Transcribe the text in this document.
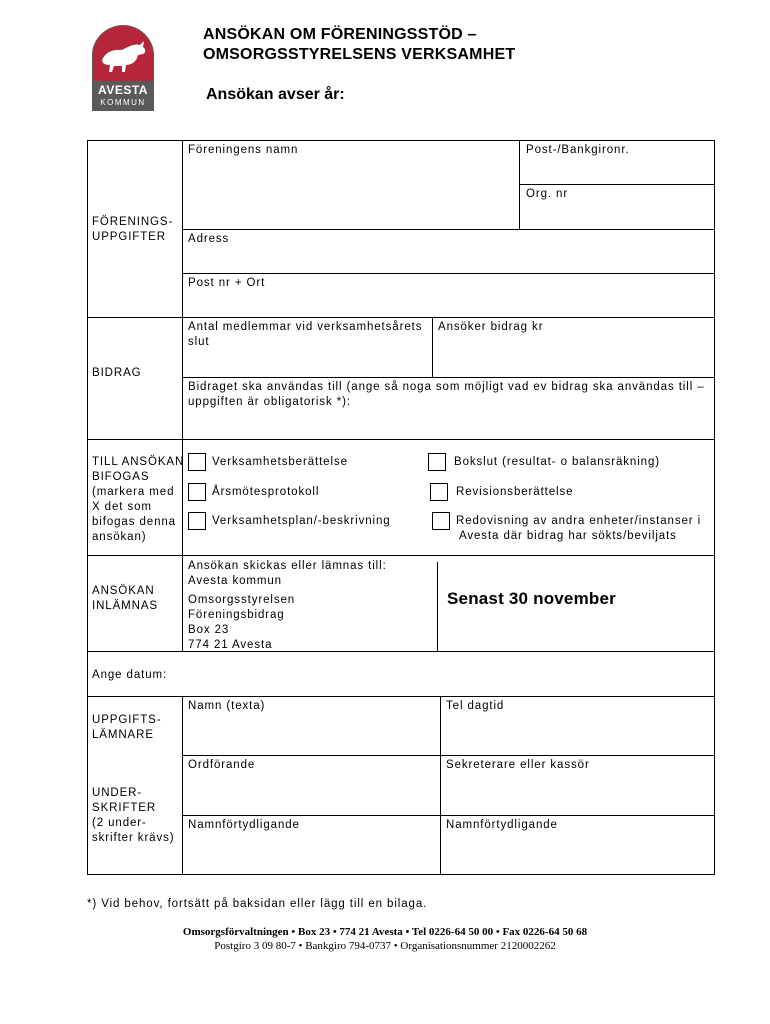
AVESTA
KOMMUN
ANSÖKAN OM FÖRENINGSSTÖD –
OMSORGSSTYRELSENS VERKSAMHET
Ansökan avser år:
FÖRENINGS-
UPPGIFTER
Föreningens namn	Post-/Bankgironr.
Org. nr
Adress
Post nr + Ort
BIDRAG
Antal medlemmar vid verksamhetsårets
slut
Ansöker bidrag kr
Bidraget ska användas till (ange så noga som möjligt vad ev bidrag ska användas till –
uppgiften är obligatorisk *):
TILL ANSÖKAN
BIFOGAS
(markera med
X det som
bifogas denna
ansökan)
Verksamhetsberättelse	Bokslut (resultat- o balansräkning)
Årsmötesprotokoll	Revisionsberättelse
Verksamhetsplan/-beskrivning	Redovisning av andra enheter/instanser i
Avesta där bidrag har sökts/beviljats
ANSÖKAN
INLÄMNAS
Ansökan skickas eller lämnas till:
Avesta kommun
Omsorgsstyrelsen
Föreningsbidrag
Box 23
774 21 Avesta
Senast 30 november
Ange datum:
UPPGIFTS-
LÄMNARE
Namn (texta)	Tel dagtid
UNDER-
SKRIFTER
(2 under-
skrifter krävs)
Ordförande	Sekreterare eller kassör
Namnförtydligande	Namnförtydligande
*) Vid behov, fortsätt på baksidan eller lägg till en bilaga.
Omsorgsförvaltningen • Box 23 • 774 21 Avesta • Tel 0226-64 50 00 • Fax 0226-64 50 68
Postgiro 3 09 80-7 • Bankgiro 794-0737 • Organisationsnummer 2120002262
